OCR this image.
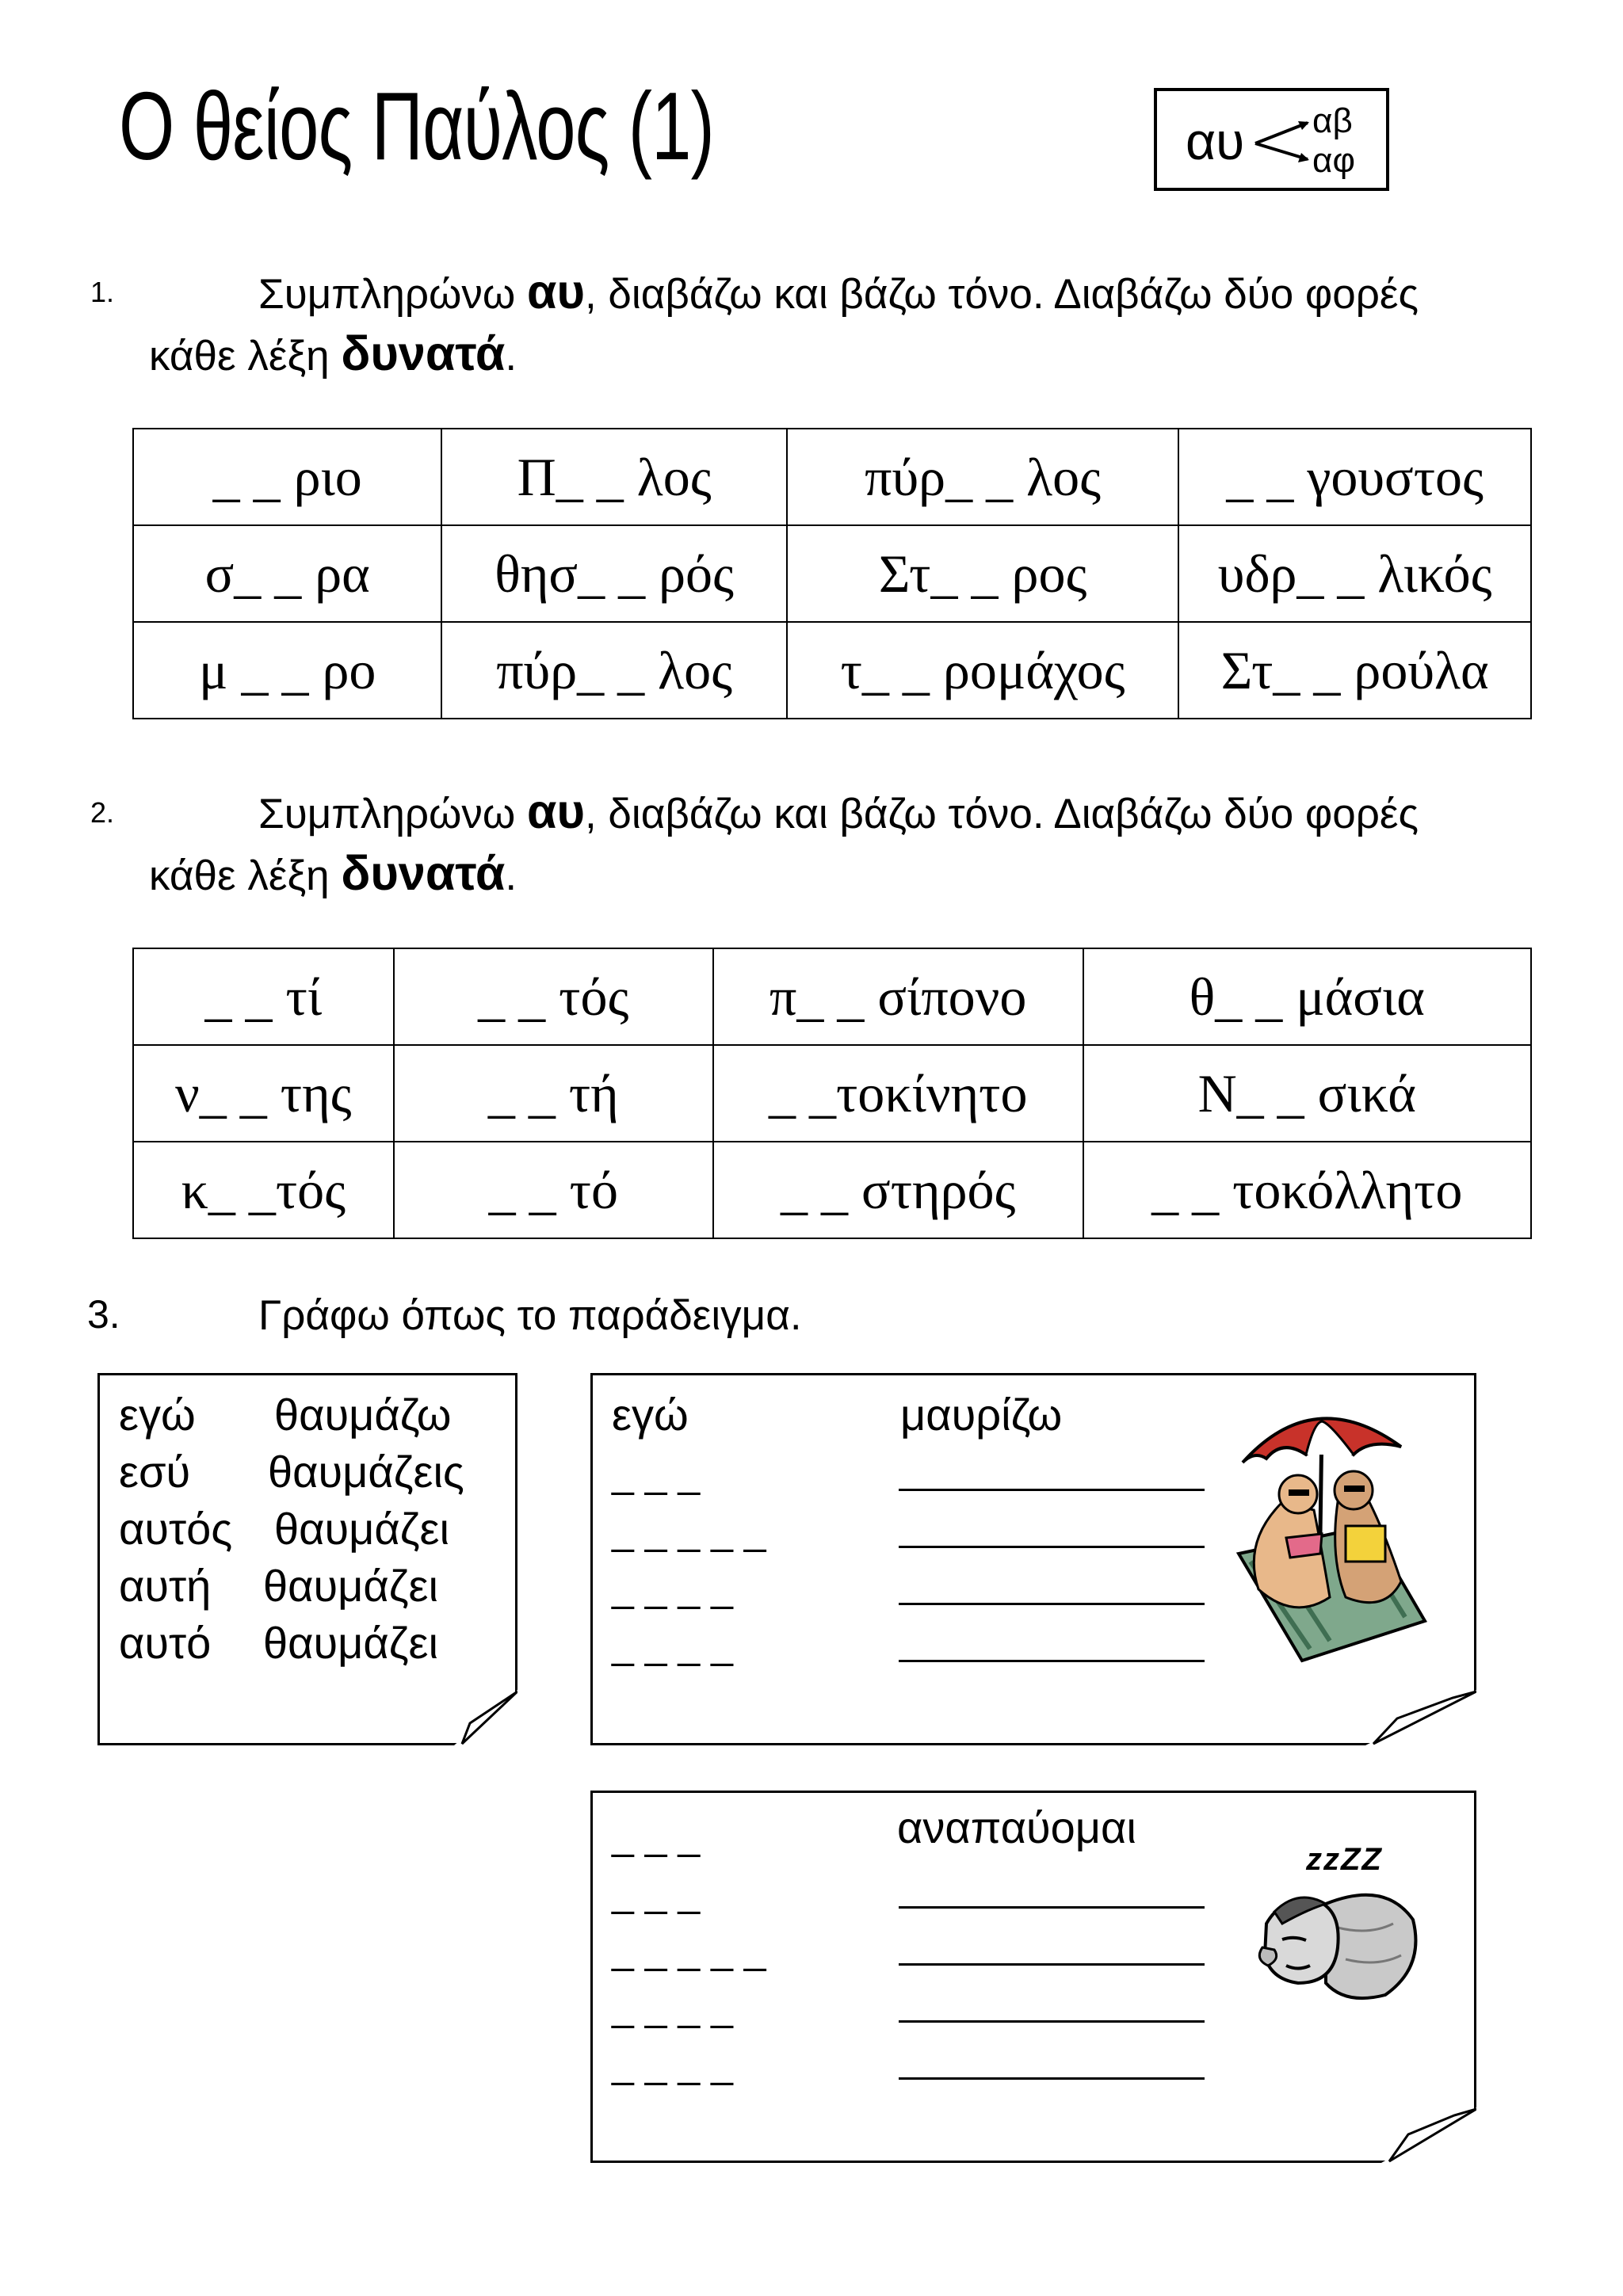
Ο θείος Παύλος (1)	αυ αβ
αφ
1.	Συμπληρώνω αυ, διαβάζω και βάζω τόνο. Διαβάζω δύο φορές
κάθε λέξη δυνατά.
_ _ ριο	Π_ _ λος	πύρ_ _ λος	_ _ γουστος
σ_ _ ρα	θησ_ _ ρός	Στ_ _ ρος	υδρ_ _ λικός
μ _ _ ρο	πύρ_ _ λος	τ_ _ ρομάχος	Στ_ _ ρούλα
2.	Συμπληρώνω αυ, διαβάζω και βάζω τόνο. Διαβάζω δύο φορές
κάθε λέξη δυνατά.
_ _ τί	_ _ τός	π_ _ σίπονο	θ_ _ μάσια
ν_ _ της	_ _ τή	_ _τοκίνητο	Ν_ _ σικά
κ_ _τός	_ _ τό	_ _ στηρός	_ _ τοκόλλητο
3.	Γράφω όπως το παράδειγμα.
εγώ θαυμάζω
εσύ θαυμάζεις
αυτός θαυμάζει
αυτή θαυμάζει
αυτό θαυμάζει
εγώ	μαυρίζω
_ _ _
_ _ _ _ _
_ _ _ _
_ _ _ _
αναπαύομαι
_ _ _
_ _ _
_ _ _ _ _
_ _ _ _
_ _ _ _
zzZZ
